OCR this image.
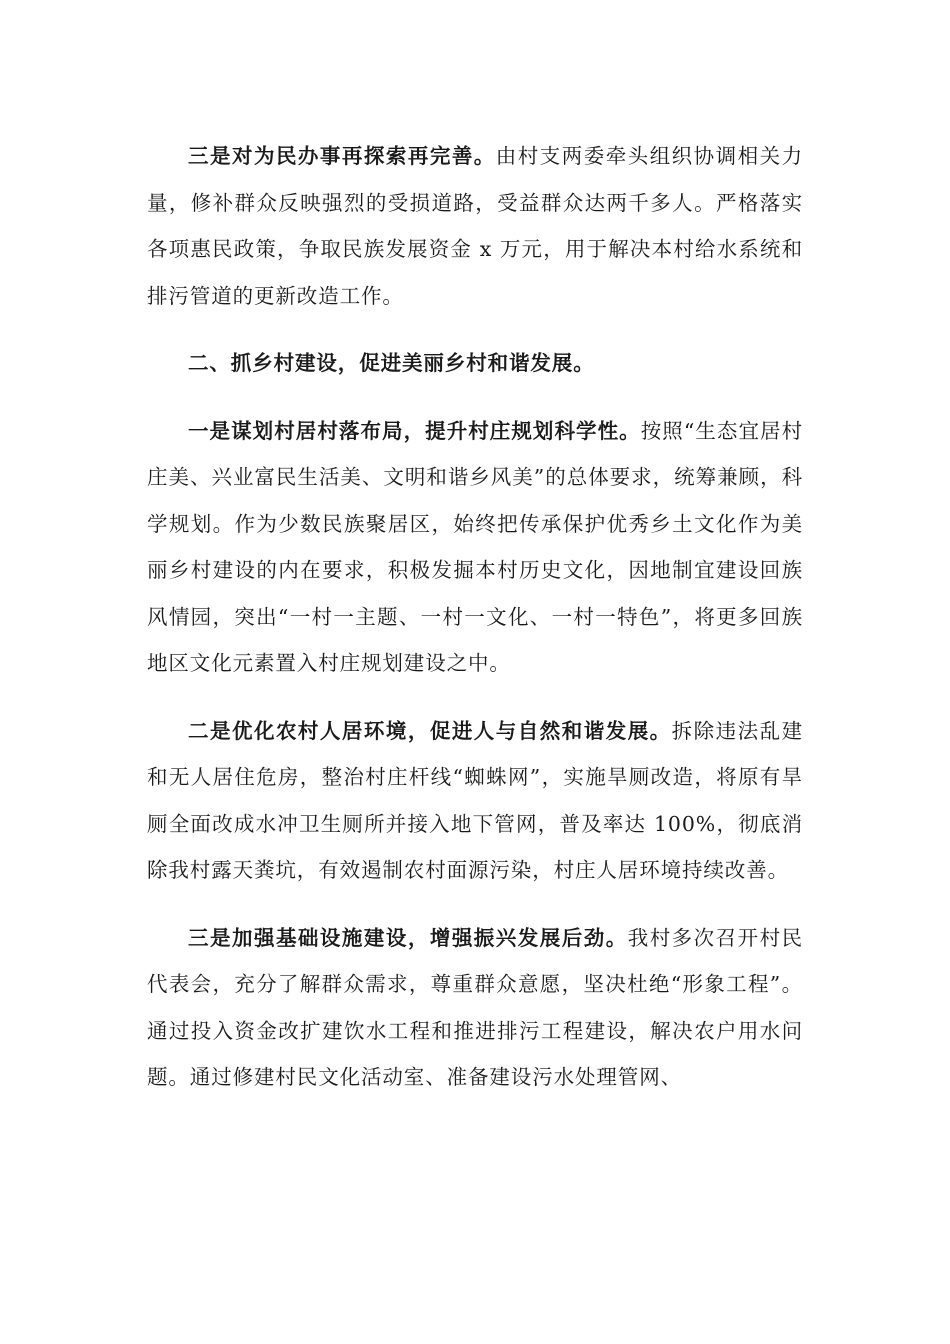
三是对为民办事再探索再完善。由村支两委牵头组织协调相关力量，修补群众反映强烈的受损道路，受益群众达两千多人。严格落实各项惠民政策，争取民族发展资金 x 万元，用于解决本村给水系统和排污管道的更新改造工作。

二、抓乡村建设，促进美丽乡村和谐发展。

一是谋划村居村落布局，提升村庄规划科学性。按照“生态宜居村庄美、兴业富民生活美、文明和谐乡风美”的总体要求，统筹兼顾，科学规划。作为少数民族聚居区，始终把传承保护优秀乡土文化作为美丽乡村建设的内在要求，积极发掘本村历史文化，因地制宜建设回族风情园，突出“一村一主题、一村一文化、一村一特色”，将更多回族地区文化元素置入村庄规划建设之中。

二是优化农村人居环境，促进人与自然和谐发展。拆除违法乱建和无人居住危房，整治村庄杆线“蜘蛛网”，实施旱厕改造，将原有旱厕全面改成水冲卫生厕所并接入地下管网，普及率达 100%，彻底消除我村露天粪坑，有效遏制农村面源污染，村庄人居环境持续改善。

三是加强基础设施建设，增强振兴发展后劲。我村多次召开村民代表会，充分了解群众需求，尊重群众意愿，坚决杜绝“形象工程”。通过投入资金改扩建饮水工程和推进排污工程建设，解决农户用水问题。通过修建村民文化活动室、准备建设污水处理管网、
